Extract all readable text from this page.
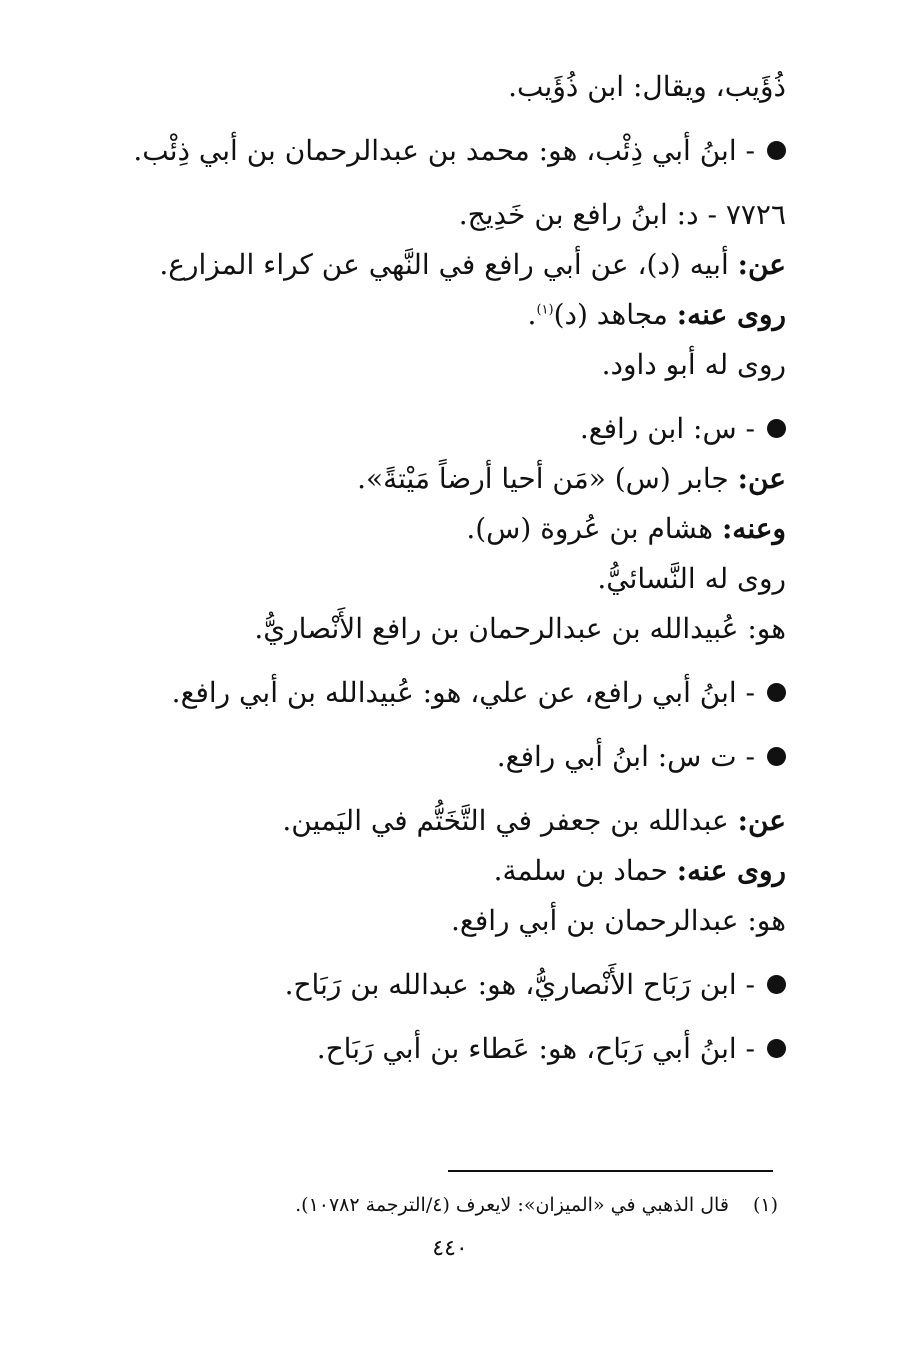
ذُؤَيب، ويقال: ابن ذُؤَيب.

- ابنُ أبي ذِئْب، هو: محمد بن عبدالرحمان بن أبي ذِئْب.

٧٧٢٦ - د: ابنُ رافع بن خَدِيج.

عن: أبيه (د)، عن أبي رافع في النَّهي عن كراء المزارع.

روى عنه: مجاهد (د)$^{(١)}$.

روى له أبو داود.

- س: ابن رافع.

عن: جابر (س) «مَن أحيا أرضاً مَيْتةً».

وعنه: هشام بن عُروة (س).

روى له النَّسائيُّ.

هو: عُبيدالله بن عبدالرحمان بن رافع الأَنْصاريُّ.

- ابنُ أبي رافع، عن علي، هو: عُبيدالله بن أبي رافع.

- ت س: ابنُ أبي رافع.

عن: عبدالله بن جعفر في التَّخَتُّم في اليَمين.

روى عنه: حماد بن سلمة.

هو: عبدالرحمان بن أبي رافع.

- ابن رَبَاح الأَنْصاريُّ، هو: عبدالله بن رَبَاح.

- ابنُ أبي رَبَاح، هو: عَطاء بن أبي رَبَاح.

(١)قال الذهبي في «الميزان»: لايعرف (٤/الترجمة ١٠٧٨٢).
٤٤٠
